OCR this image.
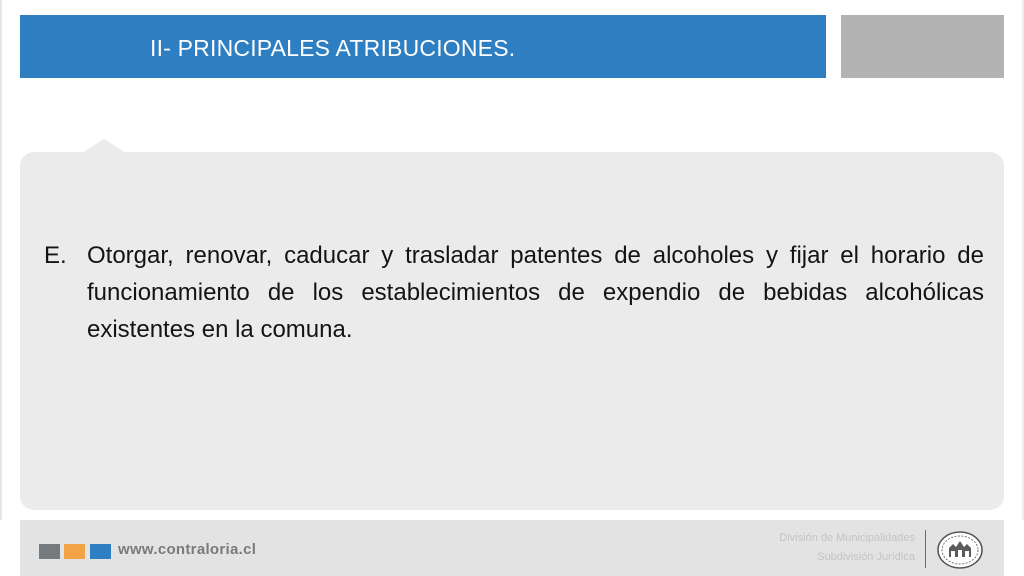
II- PRINCIPALES ATRIBUCIONES.
E. Otorgar, renovar, caducar y trasladar patentes de alcoholes y fijar el horario de funcionamiento de los establecimientos de expendio de bebidas alcohólicas existentes en la comuna.
www.contraloria.cl
División de Municipalidades
Subdivisión Jurídica
